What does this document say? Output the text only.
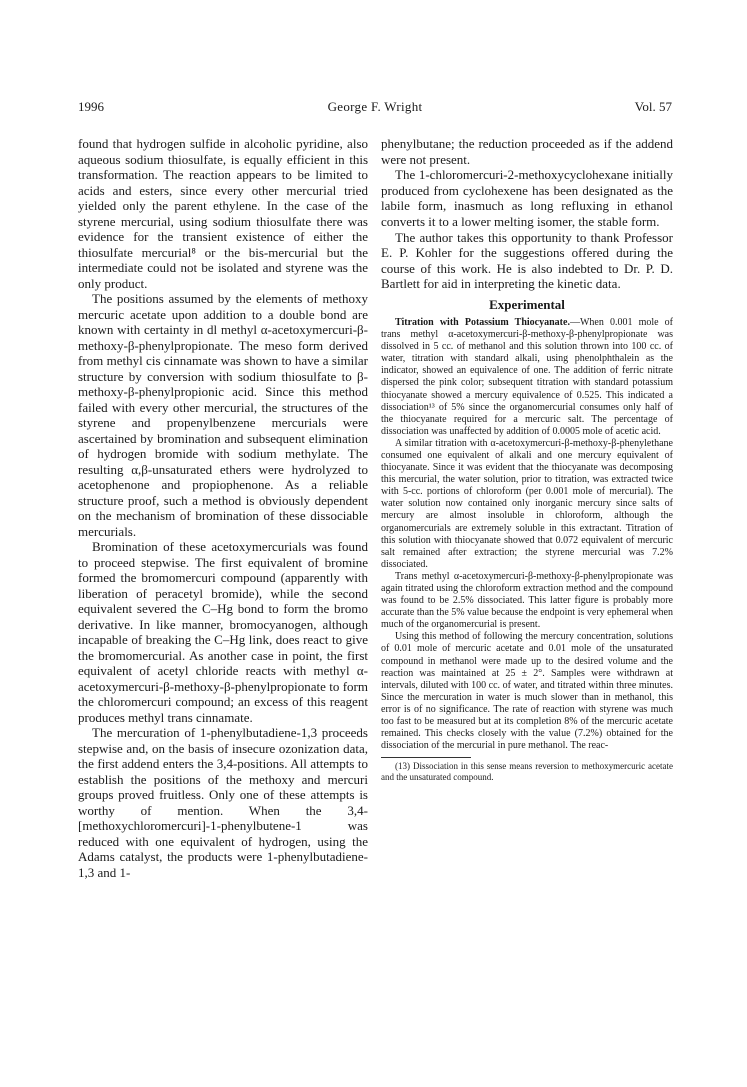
1996	George F. Wright	Vol. 57

found that hydrogen sulfide in alcoholic pyridine, also aqueous sodium thiosulfate, is equally efficient in this transformation. The reaction appears to be limited to acids and esters, since every other mercurial tried yielded only the parent ethylene. In the case of the styrene mercurial, using sodium thiosulfate there was evidence for the transient existence of either the thiosulfate mercurial⁸ or the bis-mercurial but the intermediate could not be isolated and styrene was the only product.

The positions assumed by the elements of methoxy mercuric acetate upon addition to a double bond are known with certainty in dl methyl α-acetoxymercuri-β-methoxy-β-phenylpropionate. The meso form derived from methyl cis cinnamate was shown to have a similar structure by conversion with sodium thiosulfate to β-methoxy-β-phenylpropionic acid. Since this method failed with every other mercurial, the structures of the styrene and propenylbenzene mercurials were ascertained by bromination and subsequent elimination of hydrogen bromide with sodium methylate. The resulting α,β-unsaturated ethers were hydrolyzed to acetophenone and propiophenone. As a reliable structure proof, such a method is obviously dependent on the mechanism of bromination of these dissociable mercurials.

Bromination of these acetoxymercurials was found to proceed stepwise. The first equivalent of bromine formed the bromomercuri compound (apparently with liberation of peracetyl bromide), while the second equivalent severed the C–Hg bond to form the bromo derivative. In like manner, bromocyanogen, although incapable of breaking the C–Hg link, does react to give the bromomercurial. As another case in point, the first equivalent of acetyl chloride reacts with methyl α-acetoxymercuri-β-methoxy-β-phenylpropionate to form the chloromercuri compound; an excess of this reagent produces methyl trans cinnamate.

The mercuration of 1-phenylbutadiene-1,3 proceeds stepwise and, on the basis of insecure ozonization data, the first addend enters the 3,4-positions. All attempts to establish the positions of the methoxy and mercuri groups proved fruitless. Only one of these attempts is worthy of mention. When the 3,4-[methoxychloromercuri]-1-phenylbutene-1 was reduced with one equivalent of hydrogen, using the Adams catalyst, the products were 1-phenylbutadiene-1,3 and 1-

phenylbutane; the reduction proceeded as if the addend were not present.

The 1-chloromercuri-2-methoxycyclohexane initially produced from cyclohexene has been designated as the labile form, inasmuch as long refluxing in ethanol converts it to a lower melting isomer, the stable form.

The author takes this opportunity to thank Professor E. P. Kohler for the suggestions offered during the course of this work. He is also indebted to Dr. P. D. Bartlett for aid in interpreting the kinetic data.

Experimental

Titration with Potassium Thiocyanate.—When 0.001 mole of trans methyl α-acetoxymercuri-β-methoxy-β-phenylpropionate was dissolved in 5 cc. of methanol and this solution thrown into 100 cc. of water, titration with standard alkali, using phenolphthalein as the indicator, showed an equivalence of one. The addition of ferric nitrate dispersed the pink color; subsequent titration with standard potassium thiocyanate showed a mercury equivalence of 0.525. This indicated a dissociation¹³ of 5% since the organomercurial consumes only half of the thiocyanate required for a mercuric salt. The percentage of dissociation was unaffected by addition of 0.0005 mole of acetic acid.

A similar titration with α-acetoxymercuri-β-methoxy-β-phenylethane consumed one equivalent of alkali and one mercury equivalent of thiocyanate. Since it was evident that the thiocyanate was decomposing this mercurial, the water solution, prior to titration, was extracted twice with 5-cc. portions of chloroform (per 0.001 mole of mercurial). The water solution now contained only inorganic mercury since salts of mercury are almost insoluble in chloroform, although the organomercurials are extremely soluble in this extractant. Titration of this solution with thiocyanate showed that 0.072 equivalent of mercuric salt remained after extraction; the styrene mercurial was 7.2% dissociated.

Trans methyl α-acetoxymercuri-β-methoxy-β-phenylpropionate was again titrated using the chloroform extraction method and the compound was found to be 2.5% dissociated. This latter figure is probably more accurate than the 5% value because the endpoint is very ephemeral when much of the organomercurial is present.

Using this method of following the mercury concentration, solutions of 0.01 mole of mercuric acetate and 0.01 mole of the unsaturated compound in methanol were made up to the desired volume and the reaction was maintained at 25 ± 2°. Samples were withdrawn at intervals, diluted with 100 cc. of water, and titrated within three minutes. Since the mercuration in water is much slower than in methanol, this error is of no significance. The rate of reaction with styrene was much too fast to be measured but at its completion 8% of the mercuric acetate remained. This checks closely with the value (7.2%) obtained for the dissociation of the mercurial in pure methanol. The reac-

(13) Dissociation in this sense means reversion to methoxymercuric acetate and the unsaturated compound.
